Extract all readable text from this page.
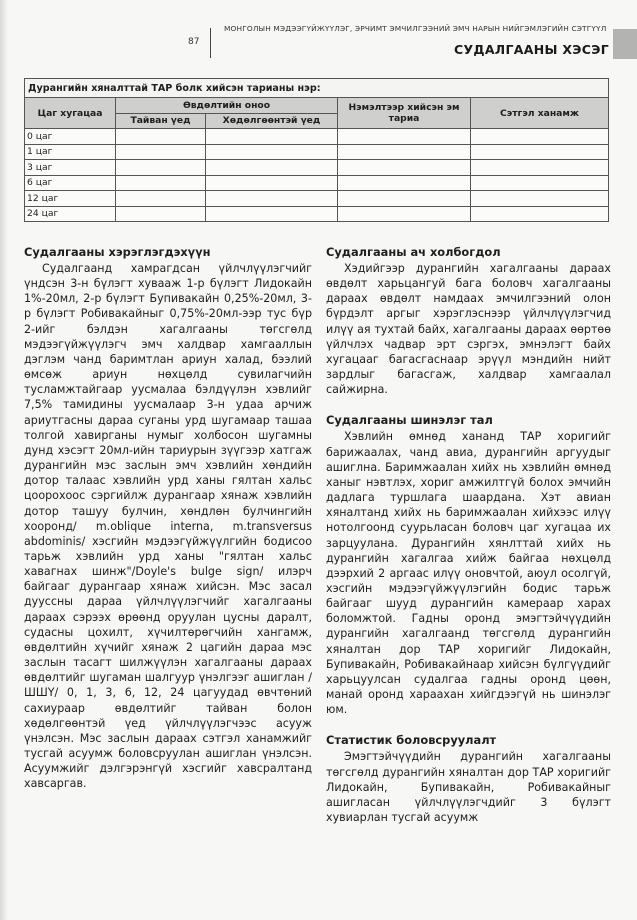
87
МОНГОЛЫН МЭДЭЭГҮЙЖҮҮЛЭГ, ЭРЧИМТ ЭМЧИЛГЭЭНИЙ ЭМЧ НАРЫН НИЙГЭМЛЭГИЙН СЭТГҮҮЛ
СУДАЛГААНЫ ХЭСЭГ
Дурангийн хяналттай ТАР болк хийсэн тарианы нэр:				
Цаг хугацаа	Өвдөлтийн оноо		Нэмэлтээр хийсэн эм тариа	Сэтгэл ханамж
	Тайван үед	Хөдөлгөөнтэй үед		
0 цаг				
1 цаг				
3 цаг				
6 цаг				
12 цаг				
24 цаг				
Судалгааны хэрэглэгдэхүүн

Судалгаанд хамрагдсан үйлчлүүлэгчийг үндсэн 3-н бүлэгт хувааж 1-р бүлэгт Лидокайн 1%-20мл, 2-р бүлэгт Бупивакайн 0,25%-20мл, 3-р бүлэгт Робивакайныг 0,75%-20мл-ээр тус бүр 2-ийг бэлдэн хагалгааны төгсгөлд мэдээгүйжүүлэгч эмч халдвар хамгааллын дэглэм чанд баримтлан ариун халад, бээлий өмсөж ариун нөхцөлд сувилагчийн тусламжтайгаар уусмалаа бэлдүүлэн хэвлийг 7,5% тамидины уусмалаар 3-н удаа арчиж ариутгасны дараа суганы урд шугамаар ташаа толгой хавирганы нумыг холбосон шугамны дунд хэсэгт 20мл-ийн тариурын зүүгээр хатгаж дурангийн мэс заслын эмч хэвлийн хөндийн дотор талаас хэвлийн урд ханы гялтан хальс цоорохоос сэргийлж дурангаар хянаж хэвлийн дотор ташуу булчин, хөндлөн булчингийн хооронд/ m.oblique interna, m.transversus abdominis/ хэсгийн мэдээгүйжүүлгийн бодисоо тарьж хэвлийн урд ханы "гялтан хальс хавагнах шинж"/Doyle's bulge sign/ илэрч байгааг дурангаар хянаж хийсэн. Мэс засал дуусcны дараа үйлчлүүлэгчийг хагалгааны дараах сэрээх өрөөнд оруулан цусны даралт, судасны цохилт, хүчилтөрөгчийн хангамж, өвдөлтийн хүчийг хянаж 2 цагийн дараа мэс заслын тасагт шилжүүлэн хагалгааны дараах өвдөлтийг шугаман шалгуур үнэлгээг ашиглан /ШШҮ/ 0, 1, 3, 6, 12, 24 цагуудад өвчтөний сахиураар өвдөлтийг тайван болон хөдөлгөөнтэй үед үйлчлүүлэгчээс асууж үнэлсэн. Мэс заслын дараах сэтгэл ханамжийг тусгай асуумж боловсруулан ашиглан үнэлсэн. Асуумжийг дэлгэрэнгүй хэсгийг хавсралтанд хавсаргав.

Судалгааны ач холбогдол

Хэдийгээр дурангийн хагалгааны дараах өвдөлт харьцангуй бага боловч хагалгааны дараах өвдөлт намдаах эмчилгээний олон бүрдэлт аргыг хэрэглэснээр үйлчлүүлэгчид илүү ая тухтай байх, хагалгааны дараах өөртөө үйлчлэх чадвар эрт сэргэх, эмнэлэгт байх хугацааг багасгаснаар эрүүл мэндийн нийт зардлыг багасгаж, халдвар хамгаалал сайжирна.

Судалгааны шинэлэг тал

Хэвлийн өмнөд хананд ТАР хоригийг барижаалах, чанд авиа, дурангийн аргуудыг ашиглна. Баримжаалан хийх нь хэвлийн өмнөд ханыг нэвтлэх, хориг амжилтгүй болох эмчийн дадлага туршлага шаардана. Хэт авиан хяналтанд хийх нь баримжаалан хийхээс илүү нотолгоонд суурьласан боловч цаг хугацаа их зарцуулана. Дурангийн хянлттай хийх нь дурангийн хагалгаа хийж байгаа нөхцөлд дээрхий 2 аргаас илүү оновчтой, аюул осолгүй, хэсгийн мэдээгүйжүүлэгийн бодис тарьж байгааг шууд дурангийн камераар харах боломжтой. Гадны оронд эмэгтэйчүүдийн дурангийн хагалгаанд төгсгөлд дурангийн хяналтан дор ТАР хоригийг Лидокайн, Бупивакайн, Робивакайнаар хийсэн бүлгүүдийг харьцуулсан судалгаа гадны оронд цөөн, манай оронд хараахан хийгдээгүй нь шинэлэг юм.

Статистик боловсруулалт

Эмэгтэйчүүдийн дурангийн хагалгааны төгсгөлд дурангийн хяналтан дор ТАР хоригийг Лидокайн, Бупивакайн, Робивакайныг ашигласан үйлчлүүлэгчдийг 3 бүлэгт хувиарлан тусгай асуумж
